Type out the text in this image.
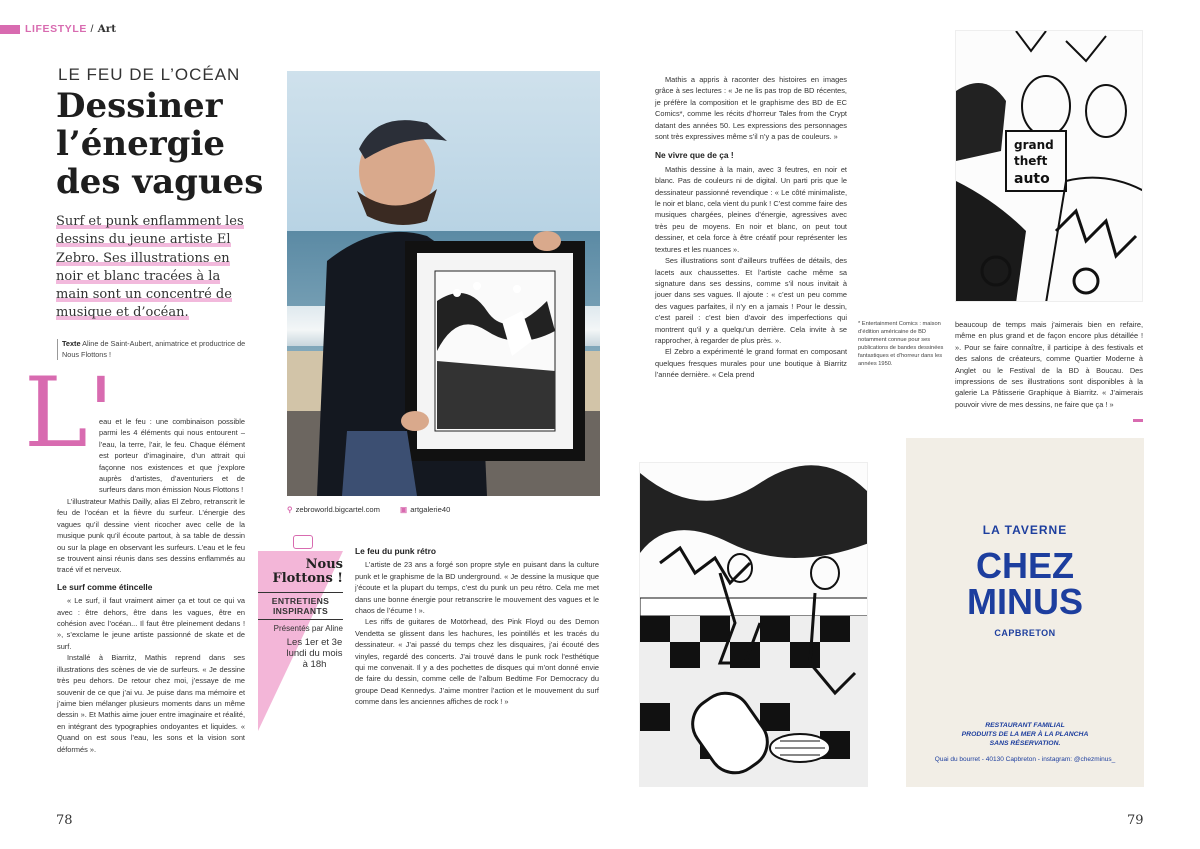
LIFESTYLE / Art
LE FEU DE L’OCÉAN
Dessiner
l’énergie
des vagues
Surf et punk enflamment les dessins du jeune artiste El Zebro. Ses illustrations en noir et blanc tracées à la main sont un concentré de musique et d’océan.
Texte Aline de Saint-Aubert, animatrice et productrice de Nous Flottons !
L'

eau et le feu : une combinaison possible parmi les 4 éléments qui nous entourent – l’eau, la terre, l’air, le feu. Chaque élément est porteur d’imaginaire, d’un attrait qui façonne nos existences et que j’explore auprès d’artistes, d’aventuriers et de surfeurs dans mon émission Nous Flottons !

L’illustrateur Mathis Dailly, alias El Zebro, retranscrit le feu de l’océan et la fièvre du surfeur. L’énergie des vagues qu’il dessine vient ricocher avec celle de la musique punk qu’il écoute partout, à sa table de dessin ou sur la plage en observant les surfeurs. L’eau et le feu se trouvent ainsi réunis dans ses dessins enflammés au tracé vif et nerveux.

Le surf comme étincelle

« Le surf, il faut vraiment aimer ça et tout ce qui va avec : être dehors, être dans les vagues, être en cohésion avec l’océan... Il faut être pleinement dedans ! », s’exclame le jeune artiste passionné de skate et de surf.

Installé à Biarritz, Mathis reprend dans ses illustrations des scènes de vie de surfeurs. « Je dessine très peu dehors. De retour chez moi, j’essaye de me souvenir de ce que j’ai vu. Je puise dans ma mémoire et j’aime bien mélanger plusieurs moments dans un même dessin ». Et Mathis aime jouer entre imaginaire et réalité, en intégrant des typographies ondoyantes et liquides. « Quand on est sous l’eau, les sons et la vision sont déformés ».

⚲ zebroworld.bigcartel.com	▣ artgalerie40
Nous Flottons !
ENTRETIENS INSPIRANTS
Présentés par Aline
Les 1er et 3e lundi du mois à 18h
Le feu du punk rétro

L’artiste de 23 ans a forgé son propre style en puisant dans la culture punk et le graphisme de la BD underground. « Je dessine la musique que j’écoute et la plupart du temps, c’est du punk un peu rétro. Cela me met dans une bonne énergie pour retranscrire le mouvement des vagues et le chaos de l’écume ! ».

Les riffs de guitares de Motörhead, des Pink Floyd ou des Demon Vendetta se glissent dans les hachures, les pointillés et les tracés du dessinateur. « J’ai passé du temps chez les disquaires, j’ai écouté des vinyles, regardé des concerts. J’ai trouvé dans le punk rock l’esthétique qui me convenait. Il y a des pochettes de disques qui m’ont donné envie de faire du dessin, comme celle de l’album Bedtime For Democracy du groupe Dead Kennedys. J’aime montrer l’action et le mouvement du surf comme dans les anciennes affiches de rock ! »

78

Mathis a appris à raconter des histoires en images grâce à ses lectures : « Je ne lis pas trop de BD récentes, je préfère la composition et le graphisme des BD de EC Comics*, comme les récits d’horreur Tales from the Crypt datant des années 50. Les expressions des personnages sont très expressives même s’il n’y a pas de couleurs. »

Ne vivre que de ça !

Mathis dessine à la main, avec 3 feutres, en noir et blanc. Pas de couleurs ni de digital. Un parti pris que le dessinateur passionné revendique : « Le côté minimaliste, le noir et blanc, cela vient du punk ! C’est comme faire des musiques chargées, pleines d’énergie, agressives avec très peu de moyens. En noir et blanc, on peut tout dessiner, et cela force à être créatif pour représenter les textures et les nuances ».

Ses illustrations sont d’ailleurs truffées de détails, des lacets aux chaussettes. Et l’artiste cache même sa signature dans ses dessins, comme s’il nous invitait à jouer dans ses vagues. Il ajoute : « c’est un peu comme des vagues parfaites, il n’y en a jamais ! Pour le dessin, c’est pareil : c’est bien d’avoir des imperfections qui montrent qu’il y a quelqu’un derrière. Cela invite à se rapprocher, à regarder de plus près. ».

El Zebro a expérimenté le grand format en composant quelques fresques murales pour une boutique à Biarritz l’année dernière. « Cela prend

* Entertainment Comics : maison d’édition américaine de BD notamment connue pour ses publications de bandes dessinées fantastiques et d’horreur dans les années 1950.
grand
theft
auto

beaucoup de temps mais j’aimerais bien en refaire, même en plus grand et de façon encore plus détaillée ! ». Pour se faire connaître, il participe à des festivals et des salons de créateurs, comme Quartier Moderne à Anglet ou le Festival de la BD à Boucau. Des impressions de ses illustrations sont disponibles à la galerie La Pâtisserie Graphique à Biarritz. « J’aimerais pouvoir vivre de mes dessins, ne faire que ça ! »

LA TAVERNE
CHEZ
MINUS
CAPBRETON
RESTAURANT FAMILIAL
PRODUITS DE LA MER À LA PLANCHA
SANS RÉSERVATION.
Quai du bourret - 40130 Capbreton - instagram: @chezminus_
79
